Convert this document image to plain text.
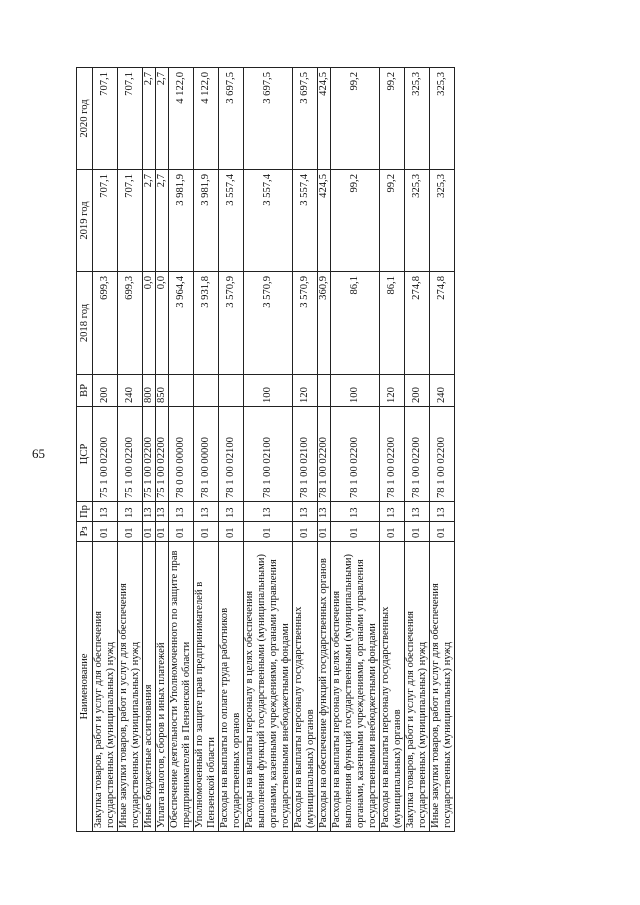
65
Наименование	Рз	Пр	ЦСР	ВР	2018 год	2019 год	2020 год
Закупка товаров, работ и услуг для обеспечения государственных (муниципальных) нужд	01	13	75 1 00 02200	200	699,3	707,1	707,1
Иные закупки товаров, работ и услуг для обеспечения государственных (муниципальных) нужд	01	13	75 1 00 02200	240	699,3	707,1	707,1
Иные бюджетные ассигнования	01	13	75 1 00 02200	800	0,0	2,7	2,7
Уплата налогов, сборов и иных платежей	01	13	75 1 00 02200	850	0,0	2,7	2,7
Обеспечение деятельности Уполномоченного по защите прав предпринимателей в Пензенской области	01	13	78 0 00 00000		3 964,4	3 981,9	4 122,0
Уполномоченный по защите прав предпринимателей в Пензенской области	01	13	78 1 00 00000		3 931,8	3 981,9	4 122,0
Расходы на выплаты по оплате труда работников государственных органов	01	13	78 1 00 02100		3 570,9	3 557,4	3 697,5
Расходы на выплаты персоналу в целях обеспечения выполнения функций государственными (муниципальными) органами, казенными учреждениями, органами управления государственными внебюджетными фондами	01	13	78 1 00 02100	100	3 570,9	3 557,4	3 697,5
Расходы на выплаты персоналу государственных (муниципальных) органов	01	13	78 1 00 02100	120	3 570,9	3 557,4	3 697,5
Расходы на обеспечение функций государственных органов	01	13	78 1 00 02200		360,9	424,5	424,5
Расходы на выплаты персоналу в целях обеспечения выполнения функций государственными (муниципальными) органами, казенными учреждениями, органами управления государственными внебюджетными фондами	01	13	78 1 00 02200	100	86,1	99,2	99,2
Расходы на выплаты персоналу государственных (муниципальных) органов	01	13	78 1 00 02200	120	86,1	99,2	99,2
Закупка товаров, работ и услуг для обеспечения государственных (муниципальных) нужд	01	13	78 1 00 02200	200	274,8	325,3	325,3
Иные закупки товаров, работ и услуг для обеспечения государственных (муниципальных) нужд	01	13	78 1 00 02200	240	274,8	325,3	325,3
